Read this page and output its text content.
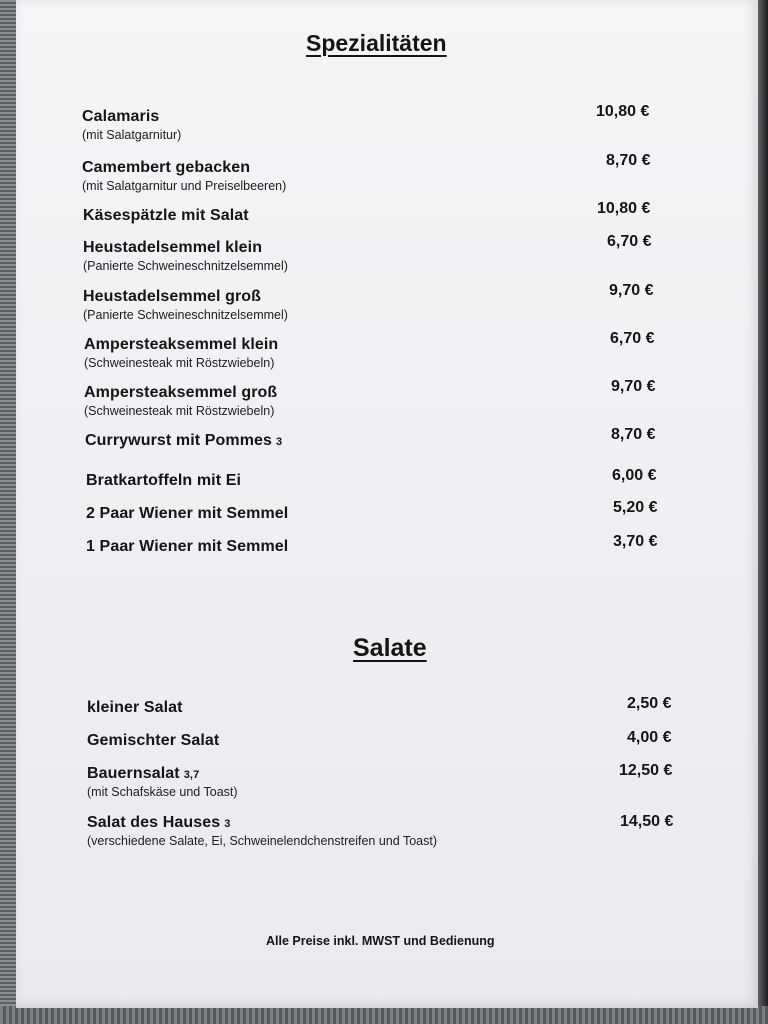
Spezialitäten
Calamaris
(mit Salatgarnitur)
10,80 €
Camembert gebacken
(mit Salatgarnitur und Preiselbeeren)
8,70 €
Käsespätzle mit Salat	10,80 €
Heustadelsemmel klein
(Panierte Schweineschnitzelsemmel)
6,70 €
Heustadelsemmel groß
(Panierte Schweineschnitzelsemmel)
9,70 €
Ampersteaksemmel klein
(Schweinesteak mit Röstzwiebeln)
6,70 €
Ampersteaksemmel groß
(Schweinesteak mit Röstzwiebeln)
9,70 €
Currywurst mit Pommes 3	8,70 €
Bratkartoffeln mit Ei	6,00 €
2 Paar Wiener mit Semmel	5,20 €
1 Paar Wiener mit Semmel	3,70 €
Salate
kleiner Salat	2,50 €
Gemischter Salat	4,00 €
Bauernsalat 3,7
(mit Schafskäse und Toast)
12,50 €
Salat des Hauses 3
(verschiedene Salate, Ei, Schweinelendchenstreifen und Toast)
14,50 €
Alle Preise inkl. MWST und Bedienung
